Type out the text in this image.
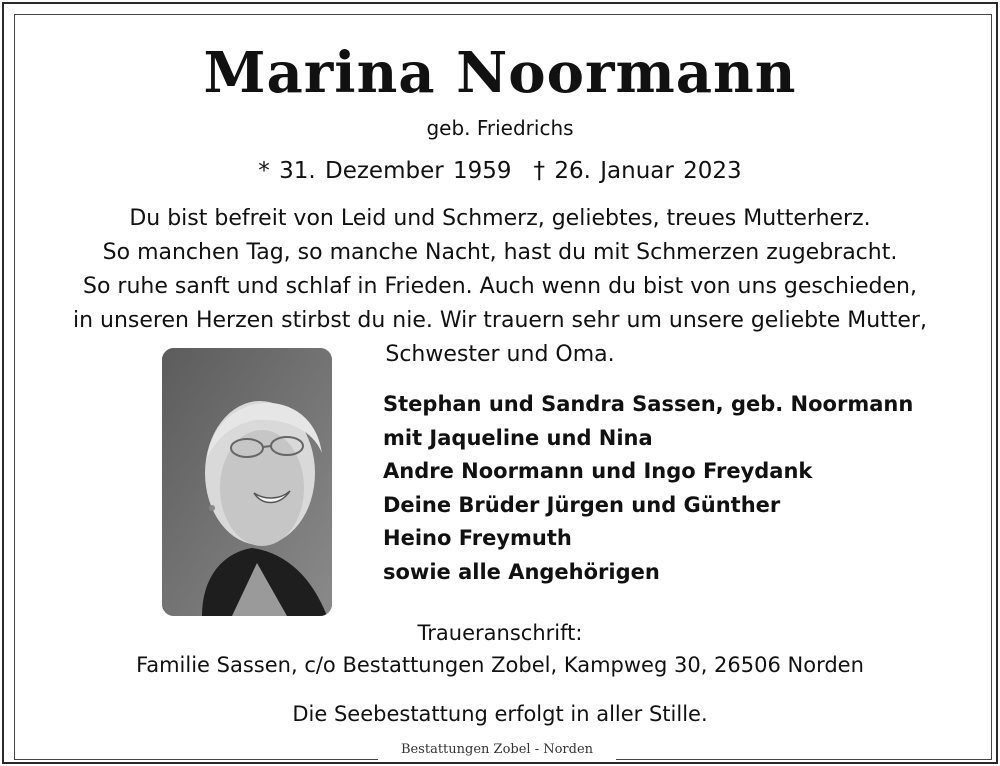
Bestattungen Zobel - Norden
Marina Noormann
geb. Friedrichs
* 31. Dezember 1959 † 26. Januar 2023
Du bist befreit von Leid und Schmerz, geliebtes, treues Mutterherz.
So manchen Tag, so manche Nacht, hast du mit Schmerzen zugebracht.
So ruhe sanft und schlaf in Frieden. Auch wenn du bist von uns geschieden,
in unseren Herzen stirbst du nie. Wir trauern sehr um unsere geliebte Mutter,
Schwester und Oma.
Stephan und Sandra Sassen, geb. Noormann
mit Jaqueline und Nina
Andre Noormann und Ingo Freydank
Deine Brüder Jürgen und Günther
Heino Freymuth
sowie alle Angehörigen
Traueranschrift:
Familie Sassen, c/o Bestattungen Zobel, Kampweg 30, 26506 Norden
Die Seebestattung erfolgt in aller Stille.
